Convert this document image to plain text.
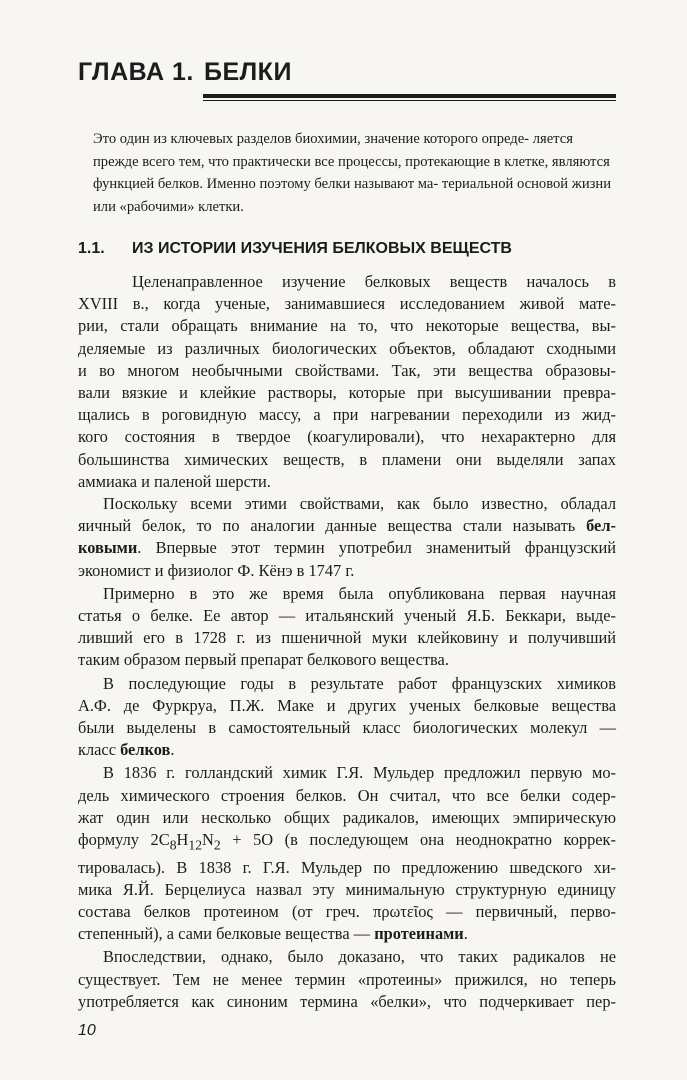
ГЛАВА 1. БЕЛКИ

Это один из ключевых разделов биохимии, значение которого опреде- ляется прежде всего тем, что практически все процессы, протекающие в клетке, являются функцией белков. Именно поэтому белки называют ма- териальной основой жизни или «рабочими» клетки.

1.1. ИЗ ИСТОРИИ ИЗУЧЕНИЯ БЕЛКОВЫХ ВЕЩЕСТВ

Целенаправленное изучение белковых веществ началось в
XVIII в., когда ученые, занимавшиеся исследованием живой мате-
рии, стали обращать внимание на то, что некоторые вещества, вы-
деляемые из различных биологических объектов, обладают сходными
и во многом необычными свойствами. Так, эти вещества образовы-
вали вязкие и клейкие растворы, которые при высушивании превра-
щались в роговидную массу, а при нагревании переходили из жид-
кого состояния в твердое (коагулировали), что нехарактерно для
большинства химических веществ, в пламени они выделяли запах

аммиака и паленой шерсти.

Поскольку всеми этими свойствами, как было известно, обладал
яичный белок, то по аналогии данные вещества стали называть бел-
ковыми. Впервые этот термин употребил знаменитый французский

экономист и физиолог Ф. Кёнэ в 1747 г.

Примерно в это же время была опубликована первая научная
статья о белке. Ее автор — итальянский ученый Я.Б. Беккари, выде-
ливший его в 1728 г. из пшеничной муки клейковину и получивший

таким образом первый препарат белкового вещества.

В последующие годы в результате работ французских химиков
А.Ф. де Фуркруа, П.Ж. Маке и других ученых белковые вещества
были выделены в самостоятельный класс биологических молекул —

класс белков.

В 1836 г. голландский химик Г.Я. Мульдер предложил первую мо-
дель химического строения белков. Он считал, что все белки содер-
жат один или несколько общих радикалов, имеющих эмпирическую
формулу $2C_8H_{12}N_2 + 5O$ (в последующем она неоднократно коррек-
тировалась). В 1838 г. Г.Я. Мульдер по предложению шведского хи-
мика Я.Й. Берцелиуса назвал эту минимальную структурную единицу
состава белков протеином (от греч. πρωτεῖος — первичный, перво-

степенный), а сами белковые вещества — протеинами.

Впоследствии, однако, было доказано, что таких радикалов не
существует. Тем не менее термин «протеины» прижился, но теперь
употребляется как синоним термина «белки», что подчеркивает пер-

10
